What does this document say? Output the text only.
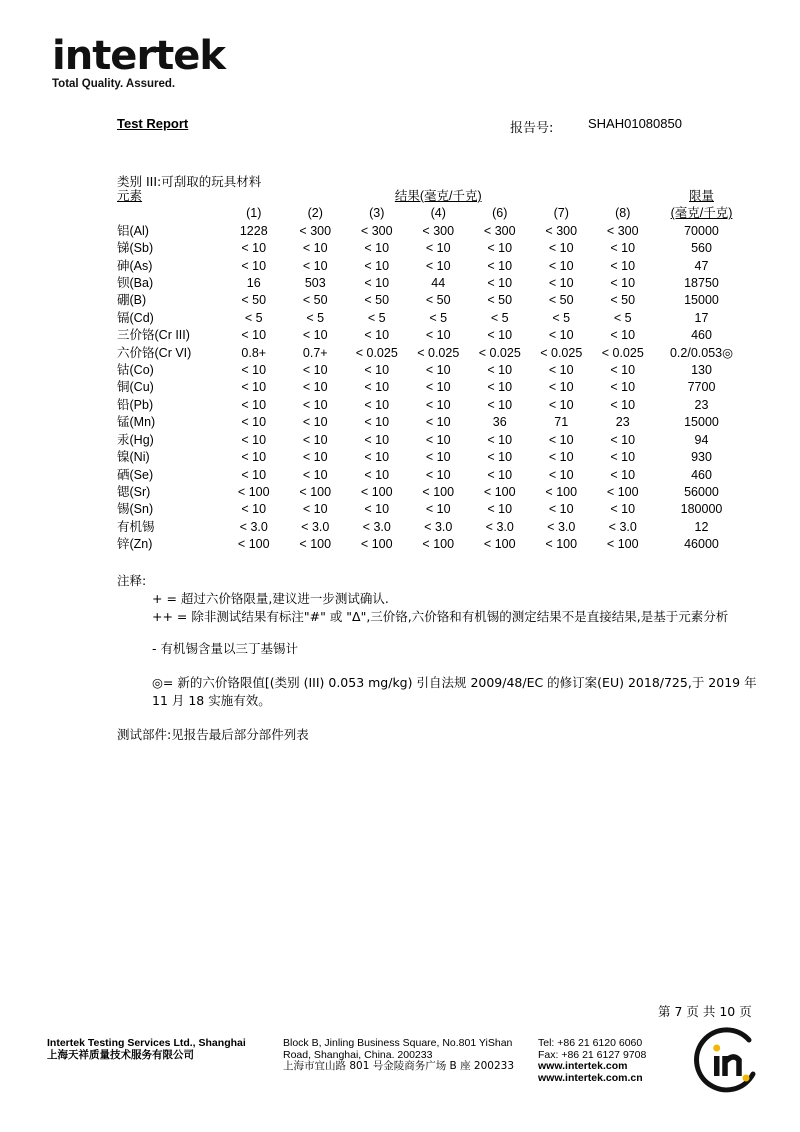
intertek
Total Quality. Assured.
Test Report	报告号:	SHAH01080850
类别 III:可刮取的玩具材料
元素	结果(毫克/千克)							限量
	(1)	(2)	(3)	(4)	(6)	(7)	(8)	(毫克/千克)
铝(Al)	1228	< 300	< 300	< 300	< 300	< 300	< 300	70000
锑(Sb)	< 10	< 10	< 10	< 10	< 10	< 10	< 10	560
砷(As)	< 10	< 10	< 10	< 10	< 10	< 10	< 10	47
钡(Ba)	16	503	< 10	44	< 10	< 10	< 10	18750
硼(B)	< 50	< 50	< 50	< 50	< 50	< 50	< 50	15000
镉(Cd)	< 5	< 5	< 5	< 5	< 5	< 5	< 5	17
三价铬(Cr III)	< 10	< 10	< 10	< 10	< 10	< 10	< 10	460
六价铬(Cr VI)	0.8+	0.7+	< 0.025	< 0.025	< 0.025	< 0.025	< 0.025	0.2/0.053◎
钴(Co)	< 10	< 10	< 10	< 10	< 10	< 10	< 10	130
铜(Cu)	< 10	< 10	< 10	< 10	< 10	< 10	< 10	7700
铅(Pb)	< 10	< 10	< 10	< 10	< 10	< 10	< 10	23
锰(Mn)	< 10	< 10	< 10	< 10	36	71	23	15000
汞(Hg)	< 10	< 10	< 10	< 10	< 10	< 10	< 10	94
镍(Ni)	< 10	< 10	< 10	< 10	< 10	< 10	< 10	930
硒(Se)	< 10	< 10	< 10	< 10	< 10	< 10	< 10	460
锶(Sr)	< 100	< 100	< 100	< 100	< 100	< 100	< 100	56000
锡(Sn)	< 10	< 10	< 10	< 10	< 10	< 10	< 10	180000
有机锡	< 3.0	< 3.0	< 3.0	< 3.0	< 3.0	< 3.0	< 3.0	12
锌(Zn)	< 100	< 100	< 100	< 100	< 100	< 100	< 100	46000

注释:

+ = 超过六价铬限量,建议进一步测试确认.

++ = 除非测试结果有标注"#" 或 "Δ",三价铬,六价铬和有机锡的测定结果不是直接结果,是基于元素分析

- 有机锡含量以三丁基锡计

◎= 新的六价铬限值[(类别 (III) 0.053 mg/kg) 引自法规 2009/48/EC 的修订案(EU) 2018/725,于 2019 年 11 月 18 实施有效。

测试部件:见报告最后部分部件列表

第 7 页 共 10 页
Intertek Testing Services Ltd., Shanghai
上海天祥质量技术服务有限公司
Block B, Jinling Business Square, No.801 YiShan
Road, Shanghai, China. 200233
上海市宜山路 801 号金陵商务广场 B 座 200233
Tel: +86 21 6120 6060
Fax: +86 21 6127 9708
www.intertek.com
www.intertek.com.cn
